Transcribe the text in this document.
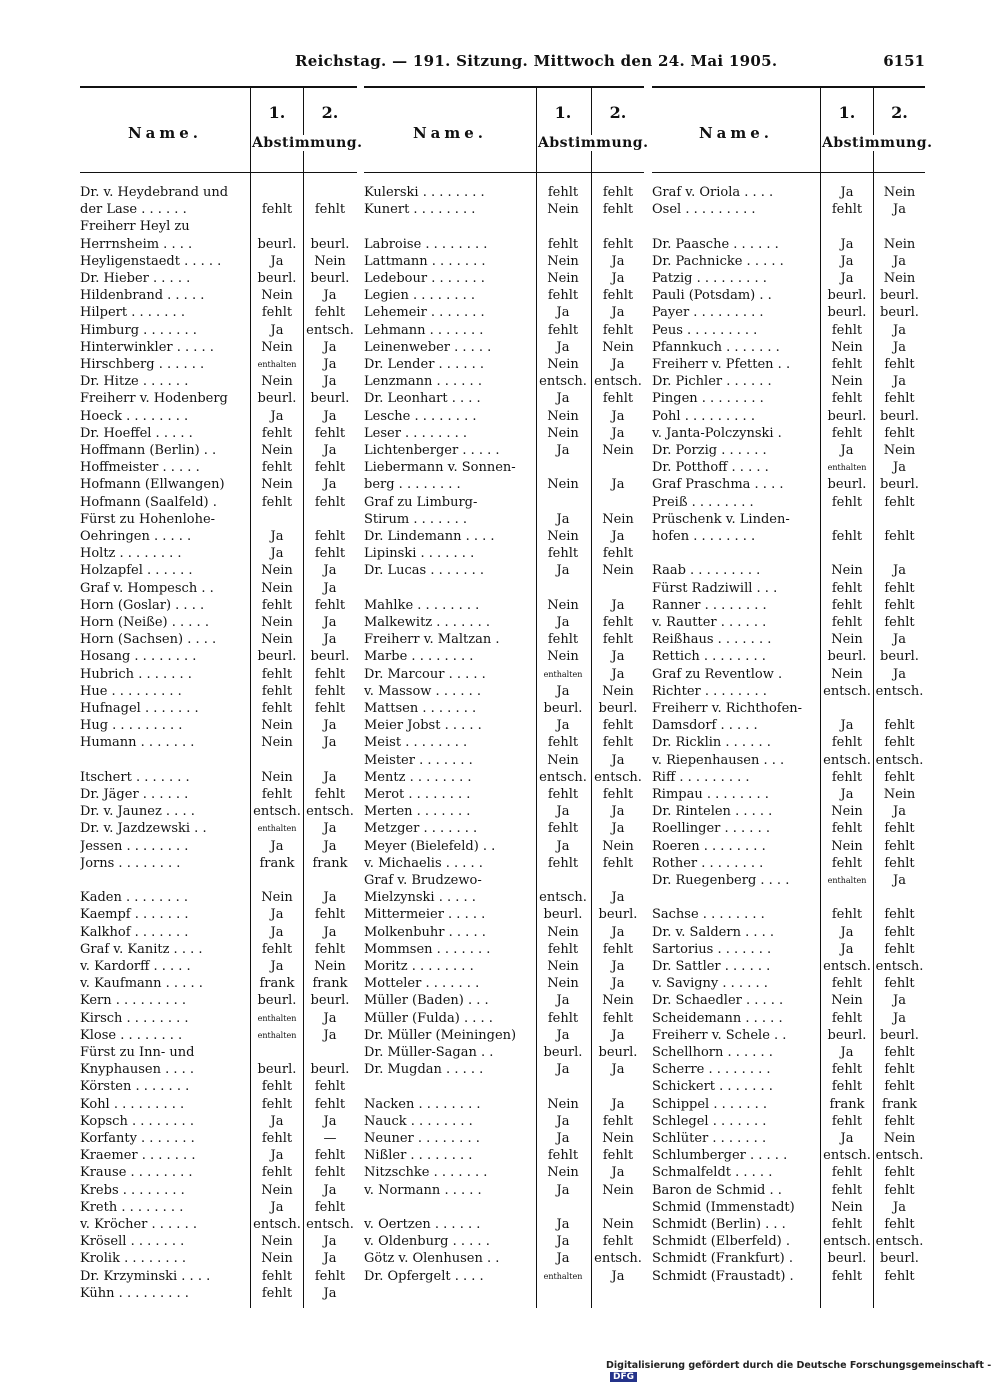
Reichstag. — 191. Sitzung. Mittwoch den 24. Mai 1905.	6151
Name.
1.	2.
Abstimmung.
Dr. v. Heydebrand und
der Lase . . . . . .	fehlt	fehlt
Freiherr Heyl zu
Herrnsheim . . . .	beurl.	beurl.
Heyligenstaedt . . . . .	Ja	Nein
Dr. Hieber . . . . .	beurl.	beurl.
Hildenbrand . . . . .	Nein	Ja
Hilpert . . . . . . .	fehlt	fehlt
Himburg . . . . . . .	Ja	entsch.
Hinterwinkler . . . . .	Nein	Ja
Hirschberg . . . . . .	enthalten	Ja
Dr. Hitze . . . . . .	Nein	Ja
Freiherr v. Hodenberg	beurl.	beurl.
Hoeck . . . . . . . .	Ja	Ja
Dr. Hoeffel . . . . .	fehlt	fehlt
Hoffmann (Berlin) . .	Nein	Ja
Hoffmeister . . . . .	fehlt	fehlt
Hofmann (Ellwangen)	Nein	Ja
Hofmann (Saalfeld) .	fehlt	fehlt
Fürst zu Hohenlohe-
Oehringen . . . . .	Ja	fehlt
Holtz . . . . . . . .	Ja	fehlt
Holzapfel . . . . . .	Nein	Ja
Graf v. Hompesch . .	Nein	Ja
Horn (Goslar) . . . .	fehlt	fehlt
Horn (Neiße) . . . . .	Nein	Ja
Horn (Sachsen) . . . .	Nein	Ja
Hosang . . . . . . . .	beurl.	beurl.
Hubrich . . . . . . .	fehlt	fehlt
Hue . . . . . . . . .	fehlt	fehlt
Hufnagel . . . . . . .	fehlt	fehlt
Hug . . . . . . . . .	Nein	Ja
Humann . . . . . . .	Nein	Ja
Itschert . . . . . . .	Nein	Ja
Dr. Jäger . . . . . .	fehlt	fehlt
Dr. v. Jaunez . . . .	entsch. entsch.
Dr. v. Jazdzewski . .	enthalten	Ja
Jessen . . . . . . . .	Ja	Ja
Jorns . . . . . . . .	frank	frank
Kaden . . . . . . . .	Nein	Ja
Kaempf . . . . . . .	Ja	fehlt
Kalkhof . . . . . . .	Ja	Ja
Graf v. Kanitz . . . .	fehlt	fehlt
v. Kardorff . . . . .	Ja	Nein
v. Kaufmann . . . . .	frank	frank
Kern . . . . . . . . .	beurl.	beurl.
Kirsch . . . . . . . .	enthalten	Ja
Klose . . . . . . . .	enthalten	Ja
Fürst zu Inn- und
Knyphausen . . . .	beurl.	beurl.
Körsten . . . . . . .	fehlt	fehlt
Kohl . . . . . . . . .	fehlt	fehlt
Kopsch . . . . . . . .	Ja	Ja
Korfanty . . . . . . .	fehlt	—
Kraemer . . . . . . .	Ja	fehlt
Krause . . . . . . . .	fehlt	fehlt
Krebs . . . . . . . .	Nein	Ja
Kreth . . . . . . . .	Ja	fehlt
v. Kröcher . . . . . .	entsch. entsch.
Krösell . . . . . . .	Nein	Ja
Krolik . . . . . . . .	Nein	Ja
Dr. Krzyminski . . . .	fehlt	fehlt
Kühn . . . . . . . . .	fehlt	Ja
Name.
1.	2.
Abstimmung.
Kulerski . . . . . . . .	fehlt	fehlt
Kunert . . . . . . . .	Nein	fehlt
Labroise . . . . . . . .	fehlt	fehlt
Lattmann . . . . . . .	Nein	Ja
Ledebour . . . . . . .	Nein	Ja
Legien . . . . . . . .	fehlt	fehlt
Lehemeir . . . . . . .	Ja	Ja
Lehmann . . . . . . .	fehlt	fehlt
Leinenweber . . . . .	Ja	Nein
Dr. Lender . . . . . .	Nein	Ja
Lenzmann . . . . . .	entsch. entsch.
Dr. Leonhart . . . .	Ja	fehlt
Lesche . . . . . . . .	Nein	Ja
Leser . . . . . . . .	Nein	Ja
Lichtenberger . . . . .	Ja	Nein
Liebermann v. Sonnen-
berg . . . . . . . .	Nein	Ja
Graf zu Limburg-
Stirum . . . . . . .	Ja	Nein
Dr. Lindemann . . . .	Nein	Ja
Lipinski . . . . . . .	fehlt	fehlt
Dr. Lucas . . . . . . .	Ja	Nein
Mahlke . . . . . . . .	Nein	Ja
Malkewitz . . . . . . .	Ja	fehlt
Freiherr v. Maltzan .	fehlt	fehlt
Marbe . . . . . . . .	Nein	Ja
Dr. Marcour . . . . .	enthalten	Ja
v. Massow . . . . . .	Ja	Nein
Mattsen . . . . . . .	beurl.	beurl.
Meier Jobst . . . . .	Ja	fehlt
Meist . . . . . . . .	fehlt	fehlt
Meister . . . . . . .	Nein	Ja
Mentz . . . . . . . .	entsch. entsch.
Merot . . . . . . . .	fehlt	fehlt
Merten . . . . . . .	Ja	Ja
Metzger . . . . . . .	fehlt	Ja
Meyer (Bielefeld) . .	Ja	Nein
v. Michaelis . . . . .	fehlt	fehlt
Graf v. Brudzewo-
Mielzynski . . . . .	entsch.	Ja
Mittermeier . . . . .	beurl.	beurl.
Molkenbuhr . . . . .	Nein	Ja
Mommsen . . . . . . .	fehlt	fehlt
Moritz . . . . . . . .	Nein	Ja
Motteler . . . . . . .	Nein	Ja
Müller (Baden) . . .	Ja	Nein
Müller (Fulda) . . . .	fehlt	fehlt
Dr. Müller (Meiningen)	Ja	Ja
Dr. Müller-Sagan . .	beurl.	beurl.
Dr. Mugdan . . . . .	Ja	Ja
Nacken . . . . . . . .	Nein	Ja
Nauck . . . . . . . .	Ja	fehlt
Neuner . . . . . . . .	Ja	Nein
Nißler . . . . . . . .	fehlt	fehlt
Nitzschke . . . . . . .	Nein	Ja
v. Normann . . . . .	Ja	Nein
v. Oertzen . . . . . .	Ja	Nein
v. Oldenburg . . . . .	Ja	fehlt
Götz v. Olenhusen . .	Ja	entsch.
Dr. Opfergelt . . . .	enthalten	Ja
Name.
1.	2.
Abstimmung.
Graf v. Oriola . . . .	Ja	Nein
Osel . . . . . . . . .	fehlt	Ja
Dr. Paasche . . . . . .	Ja	Nein
Dr. Pachnicke . . . . .	Ja	Ja
Patzig . . . . . . . . .	Ja	Nein
Pauli (Potsdam) . .	beurl.	beurl.
Payer . . . . . . . . .	beurl.	beurl.
Peus . . . . . . . . .	fehlt	Ja
Pfannkuch . . . . . . .	Nein	Ja
Freiherr v. Pfetten . .	fehlt	fehlt
Dr. Pichler . . . . . .	Nein	Ja
Pingen . . . . . . . .	fehlt	fehlt
Pohl . . . . . . . . .	beurl.	beurl.
v. Janta-Polczynski .	fehlt	fehlt
Dr. Porzig . . . . . .	Ja	Nein
Dr. Potthoff . . . . .	enthalten	Ja
Graf Praschma . . . .	beurl.	beurl.
Preiß . . . . . . . .	fehlt	fehlt
Prüschenk v. Linden-
hofen . . . . . . . .	fehlt	fehlt
Raab . . . . . . . . .	Nein	Ja
Fürst Radziwill . . .	fehlt	fehlt
Ranner . . . . . . . .	fehlt	fehlt
v. Rautter . . . . . .	fehlt	fehlt
Reißhaus . . . . . . .	Nein	Ja
Rettich . . . . . . . .	beurl.	beurl.
Graf zu Reventlow .	Nein	Ja
Richter . . . . . . . .	entsch. entsch.
Freiherr v. Richthofen-
Damsdorf . . . . .	Ja	fehlt
Dr. Ricklin . . . . . .	fehlt	fehlt
v. Riepenhausen . . .	entsch. entsch.
Riff . . . . . . . . .	fehlt	fehlt
Rimpau . . . . . . . .	Ja	Nein
Dr. Rintelen . . . . .	Nein	Ja
Roellinger . . . . . .	fehlt	fehlt
Roeren . . . . . . . .	Nein	fehlt
Rother . . . . . . . .	fehlt	fehlt
Dr. Ruegenberg . . . .	enthalten	Ja
Sachse . . . . . . . .	fehlt	fehlt
Dr. v. Saldern . . . .	Ja	fehlt
Sartorius . . . . . . .	Ja	fehlt
Dr. Sattler . . . . . .	entsch. entsch.
v. Savigny . . . . . .	fehlt	fehlt
Dr. Schaedler . . . . .	Nein	Ja
Scheidemann . . . . .	fehlt	Ja
Freiherr v. Schele . .	beurl.	beurl.
Schellhorn . . . . . .	Ja	fehlt
Scherre . . . . . . . .	fehlt	fehlt
Schickert . . . . . . .	fehlt	fehlt
Schippel . . . . . . .	frank	frank
Schlegel . . . . . . .	fehlt	fehlt
Schlüter . . . . . . .	Ja	Nein
Schlumberger . . . . .	entsch. entsch.
Schmalfeldt . . . . .	fehlt	fehlt
Baron de Schmid . .	fehlt	fehlt
Schmid (Immenstadt)	Nein	Ja
Schmidt (Berlin) . . .	fehlt	fehlt
Schmidt (Elberfeld) .	entsch. entsch.
Schmidt (Frankfurt) .	beurl.	beurl.
Schmidt (Fraustadt) .	fehlt	fehlt
Digitalisierung gefördert durch die Deutsche Forschungsgemeinschaft - DFG
